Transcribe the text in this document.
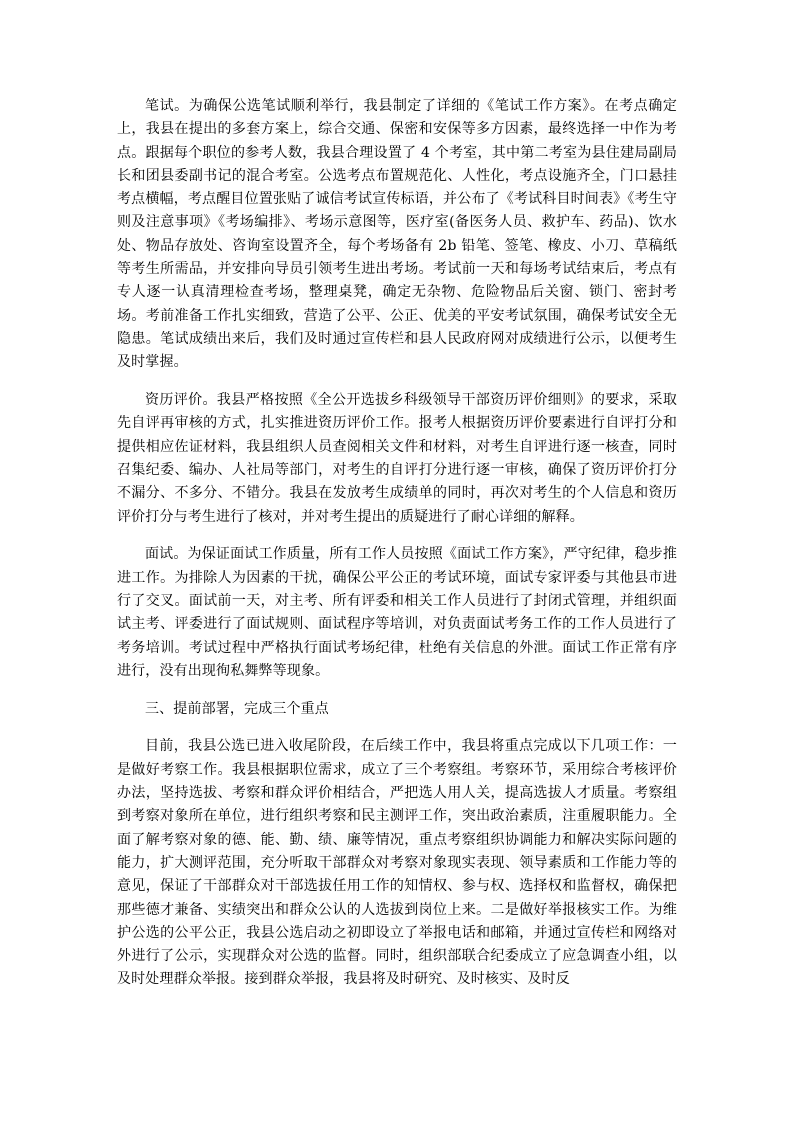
笔试。为确保公选笔试顺利举行，我县制定了详细的《笔试工作方案》。在考点确定上，我县在提出的多套方案上，综合交通、保密和安保等多方因素，最终选择一中作为考点。跟据每个职位的参考人数，我县合理设置了 4 个考室，其中第二考室为县住建局副局长和团县委副书记的混合考室。公选考点布置规范化、人性化，考点设施齐全，门口悬挂考点横幅，考点醒目位置张贴了诚信考试宣传标语，并公布了《考试科目时间表》《考生守则及注意事项》《考场编排》、考场示意图等，医疗室(备医务人员、救护车、药品)、饮水处、物品存放处、咨询室设置齐全，每个考场备有 2b 铅笔、签笔、橡皮、小刀、草稿纸等考生所需品，并安排向导员引领考生进出考场。考试前一天和每场考试结束后，考点有专人逐一认真清理检查考场，整理桌凳，确定无杂物、危险物品后关窗、锁门、密封考场。考前准备工作扎实细致，营造了公平、公正、优美的平安考试氛围，确保考试安全无隐患。笔试成绩出来后，我们及时通过宣传栏和县人民政府网对成绩进行公示，以便考生及时掌握。

资历评价。我县严格按照《全公开选拔乡科级领导干部资历评价细则》的要求，采取先自评再审核的方式，扎实推进资历评价工作。报考人根据资历评价要素进行自评打分和提供相应佐证材料，我县组织人员查阅相关文件和材料，对考生自评进行逐一核查，同时召集纪委、编办、人社局等部门，对考生的自评打分进行逐一审核，确保了资历评价打分不漏分、不多分、不错分。我县在发放考生成绩单的同时，再次对考生的个人信息和资历评价打分与考生进行了核对，并对考生提出的质疑进行了耐心详细的解释。

面试。为保证面试工作质量，所有工作人员按照《面试工作方案》，严守纪律，稳步推进工作。为排除人为因素的干扰，确保公平公正的考试环境，面试专家评委与其他县市进行了交叉。面试前一天，对主考、所有评委和相关工作人员进行了封闭式管理，并组织面试主考、评委进行了面试规则、面试程序等培训，对负责面试考务工作的工作人员进行了考务培训。考试过程中严格执行面试考场纪律，杜绝有关信息的外泄。面试工作正常有序进行，没有出现徇私舞弊等现象。

三、提前部署，完成三个重点

目前，我县公选已进入收尾阶段，在后续工作中，我县将重点完成以下几项工作：一是做好考察工作。我县根据职位需求，成立了三个考察组。考察环节，采用综合考核评价办法，坚持选拔、考察和群众评价相结合，严把选人用人关，提高选拔人才质量。考察组到考察对象所在单位，进行组织考察和民主测评工作，突出政治素质，注重履职能力。全面了解考察对象的德、能、勤、绩、廉等情况，重点考察组织协调能力和解决实际问题的能力，扩大测评范围，充分听取干部群众对考察对象现实表现、领导素质和工作能力等的意见，保证了干部群众对干部选拔任用工作的知情权、参与权、选择权和监督权，确保把那些德才兼备、实绩突出和群众公认的人选拔到岗位上来。二是做好举报核实工作。为维护公选的公平公正，我县公选启动之初即设立了举报电话和邮箱，并通过宣传栏和网络对外进行了公示，实现群众对公选的监督。同时，组织部联合纪委成立了应急调查小组，以及时处理群众举报。接到群众举报，我县将及时研究、及时核实、及时反
